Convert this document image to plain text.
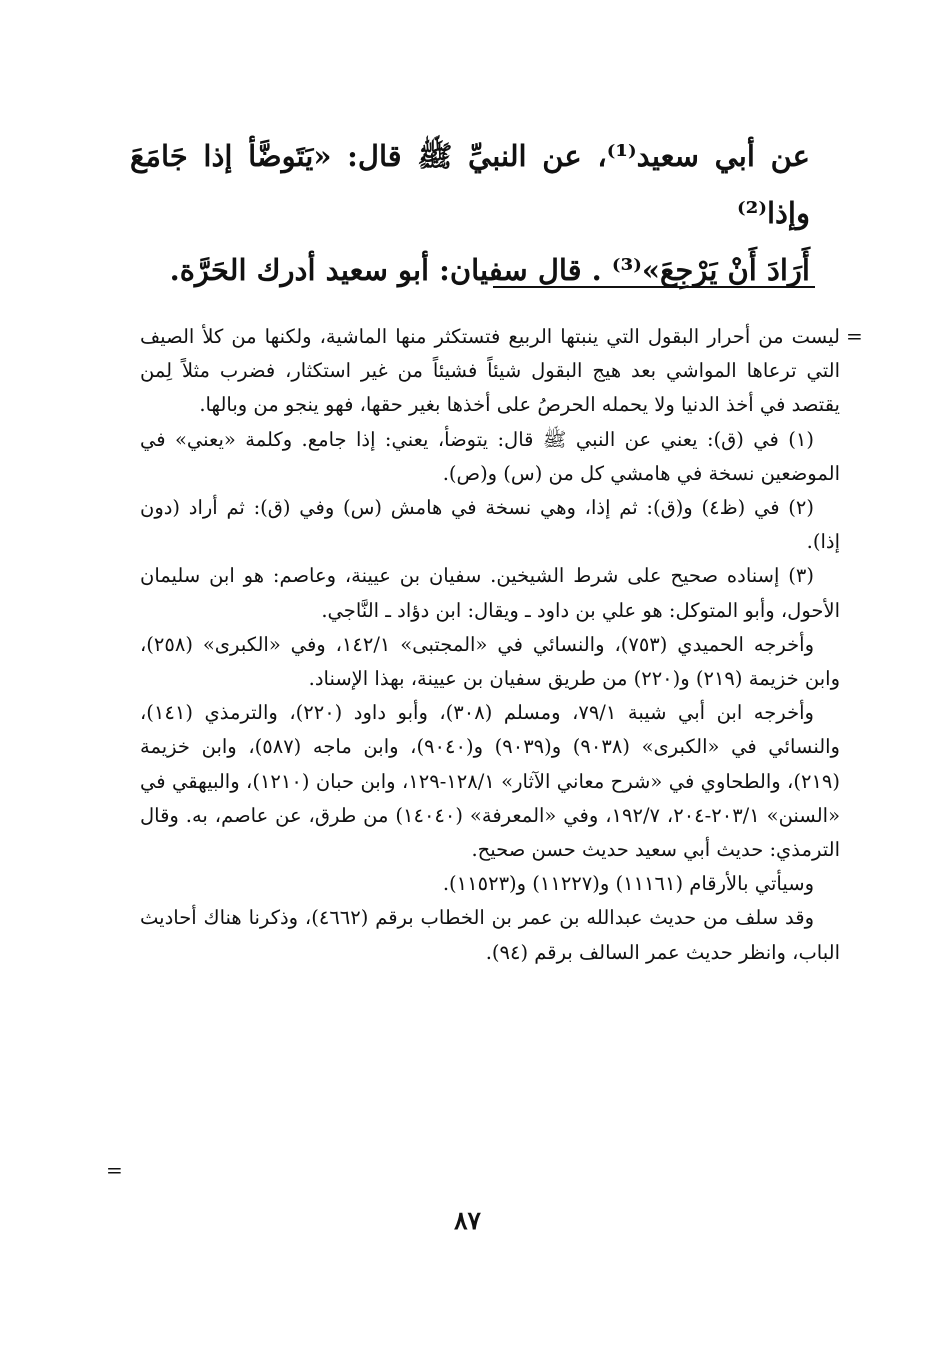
عن أبي سعيد⁽¹⁾، عن النبيِّ ﷺ قال: «يَتَوضَّأ إذا جَامَعَ وإذا⁽²⁾

أَرَادَ أَنْ يَرْجِعَ»⁽³⁾ . قال سفيان: أبو سعيد أدرك الحَرَّة.

=

ليست من أحرار البقول التي ينبتها الربيع فتستكثر منها الماشية، ولكنها من كلأ الصيف التي ترعاها المواشي بعد هيج البقول شيئاً فشيئاً من غير استكثار، فضرب مثلاً لِمن يقتصد في أخذ الدنيا ولا يحمله الحرصُ على أخذها بغير حقها، فهو ينجو من وبالها.

(١) في (ق): يعني عن النبي ﷺ قال: يتوضأ، يعني: إذا جامع. وكلمة «يعني» في الموضعين نسخة في هامشي كل من (س) و(ص).

(٢) في (ظ٤) و(ق): ثم إذا، وهي نسخة في هامش (س) وفي (ق): ثم أراد (دون إذا).

(٣) إسناده صحيح على شرط الشيخين. سفيان بن عيينة، وعاصم: هو ابن سليمان الأحول، وأبو المتوكل: هو علي بن داود ـ ويقال: ابن دؤاد ـ النَّاجي.

وأخرجه الحميدي (٧٥٣)، والنسائي في «المجتبى» ١٤٢/١، وفي «الكبرى» (٢٥٨)، وابن خزيمة (٢١٩) و(٢٢٠) من طريق سفيان بن عيينة، بهذا الإسناد.

وأخرجه ابن أبي شيبة ٧٩/١، ومسلم (٣٠٨)، وأبو داود (٢٢٠)، والترمذي (١٤١)، والنسائي في «الكبرى» (٩٠٣٨) و(٩٠٣٩) و(٩٠٤٠)، وابن ماجه (٥٨٧)، وابن خزيمة (٢١٩)، والطحاوي في «شرح معاني الآثار» ١٢٨/١-١٢٩، وابن حبان (١٢١٠)، والبيهقي في «السنن» ٢٠٣/١-٢٠٤، ١٩٢/٧، وفي «المعرفة» (١٤٠٤٠) من طرق، عن عاصم، به. وقال الترمذي: حديث أبي سعيد حديث حسن صحيح.

وسيأتي بالأرقام (١١١٦١) و(١١٢٢٧) و(١١٥٢٣).

وقد سلف من حديث عبدالله بن عمر بن الخطاب برقم (٤٦٦٢)، وذكرنا هناك أحاديث الباب، وانظر حديث عمر السالف برقم (٩٤).

=
٨٧
